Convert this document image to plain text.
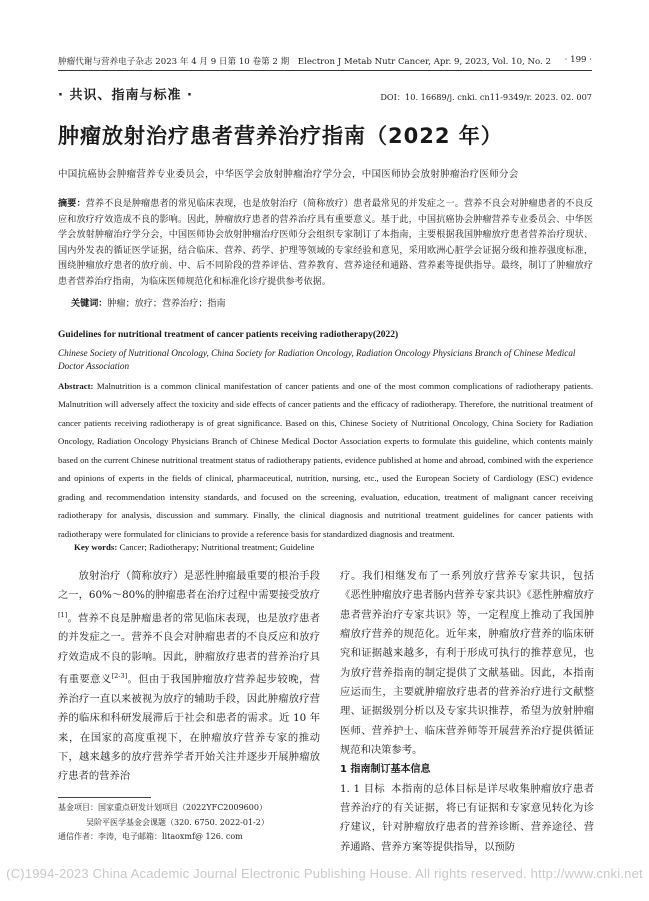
肿瘤代谢与营养电子杂志 2023 年 4 月 9 日第 10 卷第 2 期　Electron J Metab Nutr Cancer, Apr. 9, 2023, Vol. 10, No. 2	· 199 ·
· 共识、指南与标准 ·	DOI：10. 16689/j. cnki. cn11-9349/r. 2023. 02. 007
肿瘤放射治疗患者营养治疗指南（2022 年）
中国抗癌协会肿瘤营养专业委员会，中华医学会放射肿瘤治疗学分会，中国医师协会放射肿瘤治疗医师分会
摘要：营养不良是肿瘤患者的常见临床表现，也是放射治疗（简称放疗）患者最常见的并发症之一。营养不良会对肿瘤患者的不良反应和放疗疗效造成不良的影响。因此，肿瘤放疗患者的营养治疗具有重要意义。基于此，中国抗癌协会肿瘤营养专业委员会、中华医学会放射肿瘤治疗学分会，中国医师协会放射肿瘤治疗医师分会组织专家制订了本指南，主要根据我国肿瘤放疗患者营养治疗现状、国内外发表的循证医学证据，结合临床、营养、药学、护理等领域的专家经验和意见，采用欧洲心脏学会证据分级和推荐强度标准，围绕肿瘤放疗患者的放疗前、中、后不同阶段的营养评估、营养教育、营养途径和通路、营养素等提供指导。最终，制订了肿瘤放疗患者营养治疗指南，为临床医师规范化和标准化诊疗提供参考依据。
关键词：肿瘤；放疗；营养治疗；指南
Guidelines for nutritional treatment of cancer patients receiving radiotherapy(2022)
Chinese Society of Nutritional Oncology, China Society for Radiation Oncology, Radiation Oncology Physicians Branch of Chinese Medical Doctor Association
Abstract: Malnutrition is a common clinical manifestation of cancer patients and one of the most common complications of radiotherapy patients. Malnutrition will adversely affect the toxicity and side effects of cancer patients and the efficacy of radiotherapy. Therefore, the nutritional treatment of cancer patients receiving radiotherapy is of great significance. Based on this, Chinese Society of Nutritional Oncology, China Society for Radiation Oncology, Radiation Oncology Physicians Branch of Chinese Medical Doctor Association experts to formulate this guideline, which contents mainly based on the current Chinese nutritional treatment status of radiotherapy patients, evidence published at home and abroad, combined with the experience and opinions of experts in the fields of clinical, pharmaceutical, nutrition, nursing, etc., used the European Society of Cardiology (ESC) evidence grading and recommendation intensity standards, and focused on the screening, evaluation, education, treatment of malignant cancer receiving radiotherapy for analysis, discussion and summary. Finally, the clinical diagnosis and nutritional treatment guidelines for cancer patients with radiotherapy were formulated for clinicians to provide a reference basis for standardized diagnosis and treatment.
Key words: Cancer; Radiotherapy; Nutritional treatment; Guideline

放射治疗（简称放疗）是恶性肿瘤最重要的根治手段之一，60%～80%的肿瘤患者在治疗过程中需要接受放疗[1]。营养不良是肿瘤患者的常见临床表现，也是放疗患者的并发症之一。营养不良会对肿瘤患者的不良反应和放疗疗效造成不良的影响。因此，肿瘤放疗患者的营养治疗具有重要意义[2-3]。但由于我国肿瘤放疗营养起步较晚，营养治疗一直以来被视为放疗的辅助手段，因此肿瘤放疗营养的临床和科研发展滞后于社会和患者的需求。近 10 年来，在国家的高度重视下，在肿瘤放疗营养专家的推动下，越来越多的放疗营养学者开始关注并逐步开展肿瘤放疗患者的营养治

疗。我们相继发布了一系列放疗营养专家共识，包括《恶性肿瘤放疗患者肠内营养专家共识》《恶性肿瘤放疗患者营养治疗专家共识》等，一定程度上推动了我国肿瘤放疗营养的规范化。近年来，肿瘤放疗营养的临床研究和证据越来越多，有利于形成可执行的推荐意见，也为放疗营养指南的制定提供了文献基础。因此，本指南应运而生，主要就肿瘤放疗患者的营养治疗进行文献整理、证据级别分析以及专家共识推荐，希望为放射肿瘤医师、营养护士、临床营养师等开展营养治疗提供循证规范和决策参考。

1 指南制订基本信息

1. 1 目标 本指南的总体目标是详尽收集肿瘤放疗患者营养治疗的有关证据，将已有证据和专家意见转化为诊疗建议，针对肿瘤放疗患者的营养诊断、营养途径、营养通路、营养方案等提供指导，以预防

基金项目：国家重点研发计划项目（2022YFC2009600）
吴阶平医学基金会课题（320. 6750. 2022-01-2）
通信作者：李涛，电子邮箱：litaoxmf@ 126. com
(C)1994-2023 China Academic Journal Electronic Publishing House. All rights reserved. http://www.cnki.net
